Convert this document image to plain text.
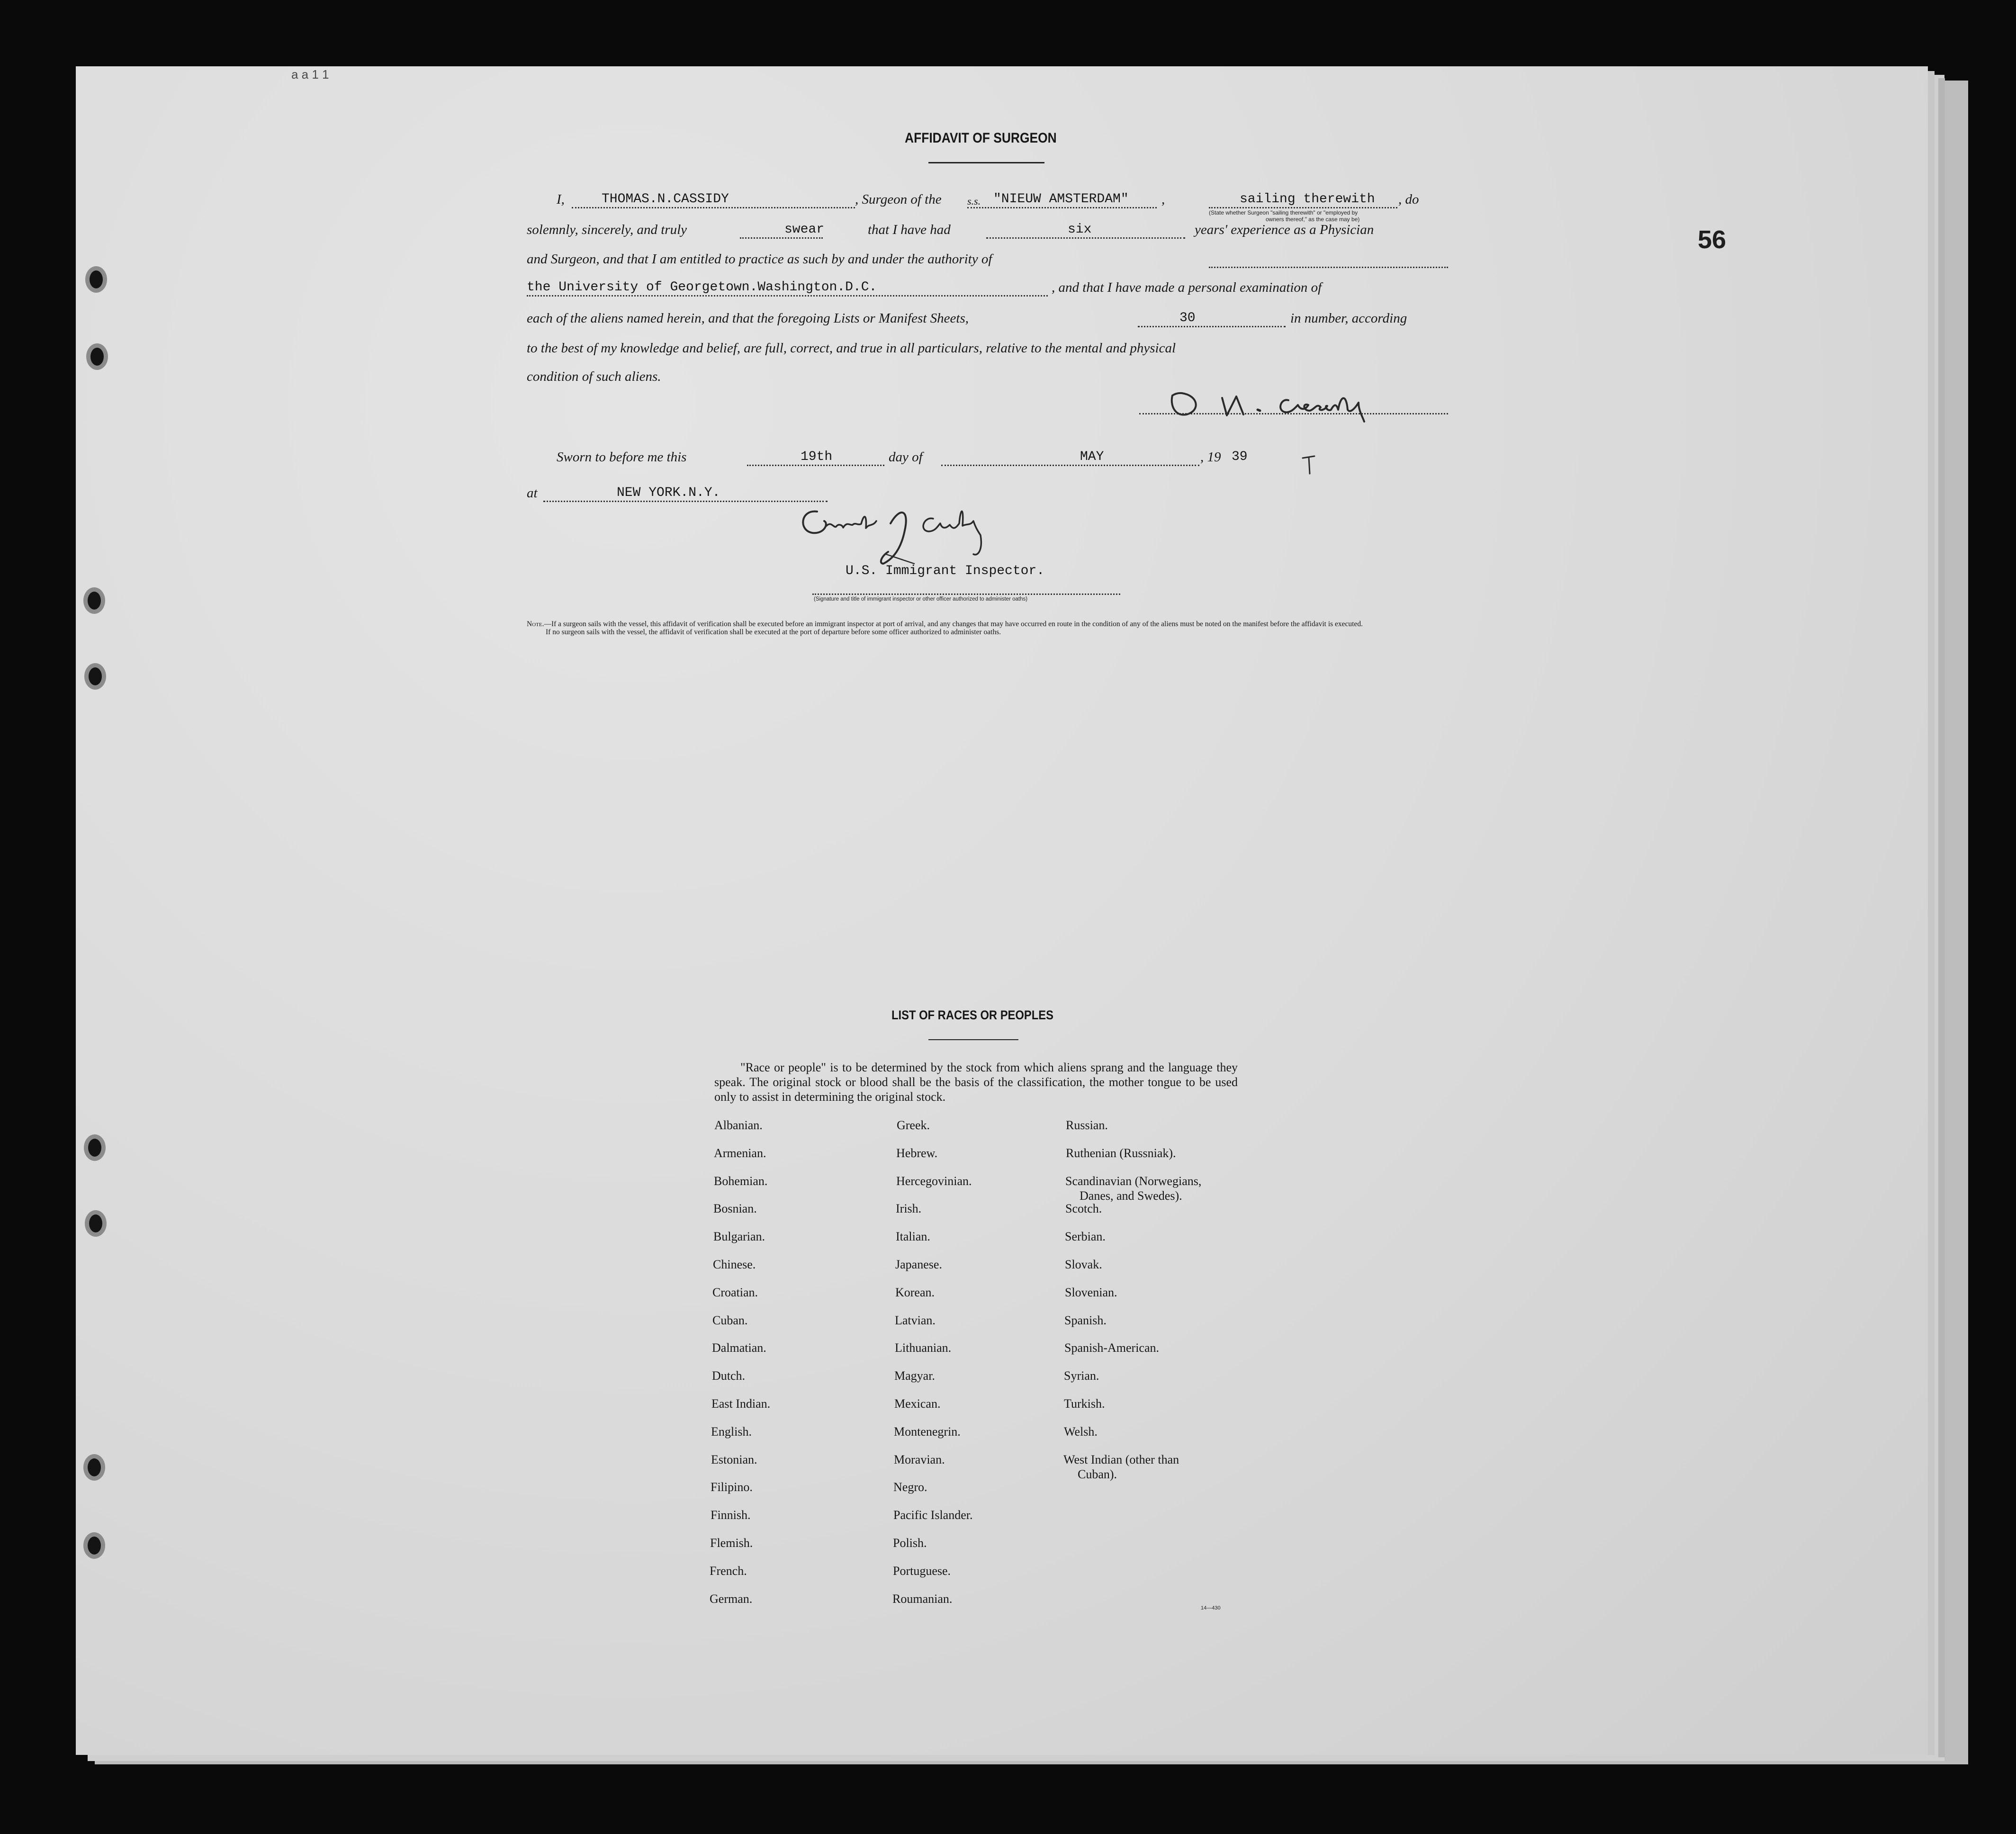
a a 1 1
56
AFFIDAVIT OF SURGEON
I,	THOMAS.N.CASSIDY	, Surgeon of the s.s. "NIEUW AMSTERDAM" ,	sailing therewith , do
(State whether Surgeon "sailing therewith" or "employed by
owners thereof," as the case may be)
solemnly, sincerely, and truly	swear	that I have had	six	years' experience as a Physician
and Surgeon, and that I am entitled to practice as such by and under the authority of
the University of Georgetown.Washington.D.C.	, and that I have made a personal examination of
each of the aliens named herein, and that the foregoing Lists or Manifest Sheets,	30	in number, according
to the best of my knowledge and belief, are full, correct, and true in all particulars, relative to the mental and physical
condition of such aliens.
Sworn to before me this	19th	day of	MAY	, 19 39
at	NEW YORK.N.Y.
U.S. Immigrant Inspector.
(Signature and title of immigrant inspector or other officer authorized to administer oaths)

Note.—If a surgeon sails with the vessel, this affidavit of verification shall be executed before an immigrant inspector at port of arrival, and any changes that may have occurred en route in the condition of any of the aliens must be noted on the manifest before the affidavit is executed.

If no surgeon sails with the vessel, the affidavit of verification shall be executed at the port of departure before some officer authorized to administer oaths.

LIST OF RACES OR PEOPLES
"Race or people" is to be determined by the stock from which aliens sprang and the language they speak. The original stock or blood shall be the basis of the classification, the mother tongue to be used only to assist in determining the original stock.
14—430
Albanian.
Armenian.
Bohemian.
Bosnian.
Bulgarian.
Chinese.
Croatian.
Cuban.
Dalmatian.
Dutch.
East Indian.
English.
Estonian.
Filipino.
Finnish.
Flemish.
French.
German.
Greek.
Hebrew.
Hercegovinian.
Irish.
Italian.
Japanese.
Korean.
Latvian.
Lithuanian.
Magyar.
Mexican.
Montenegrin.
Moravian.
Negro.
Pacific Islander.
Polish.
Portuguese.
Roumanian.
Russian.
Ruthenian (Russniak).
Scandinavian (Norwegians,
Danes, and Swedes).
Scotch.
Serbian.
Slovak.
Slovenian.
Spanish.
Spanish-American.
Syrian.
Turkish.
Welsh.
West Indian (other than
Cuban).
